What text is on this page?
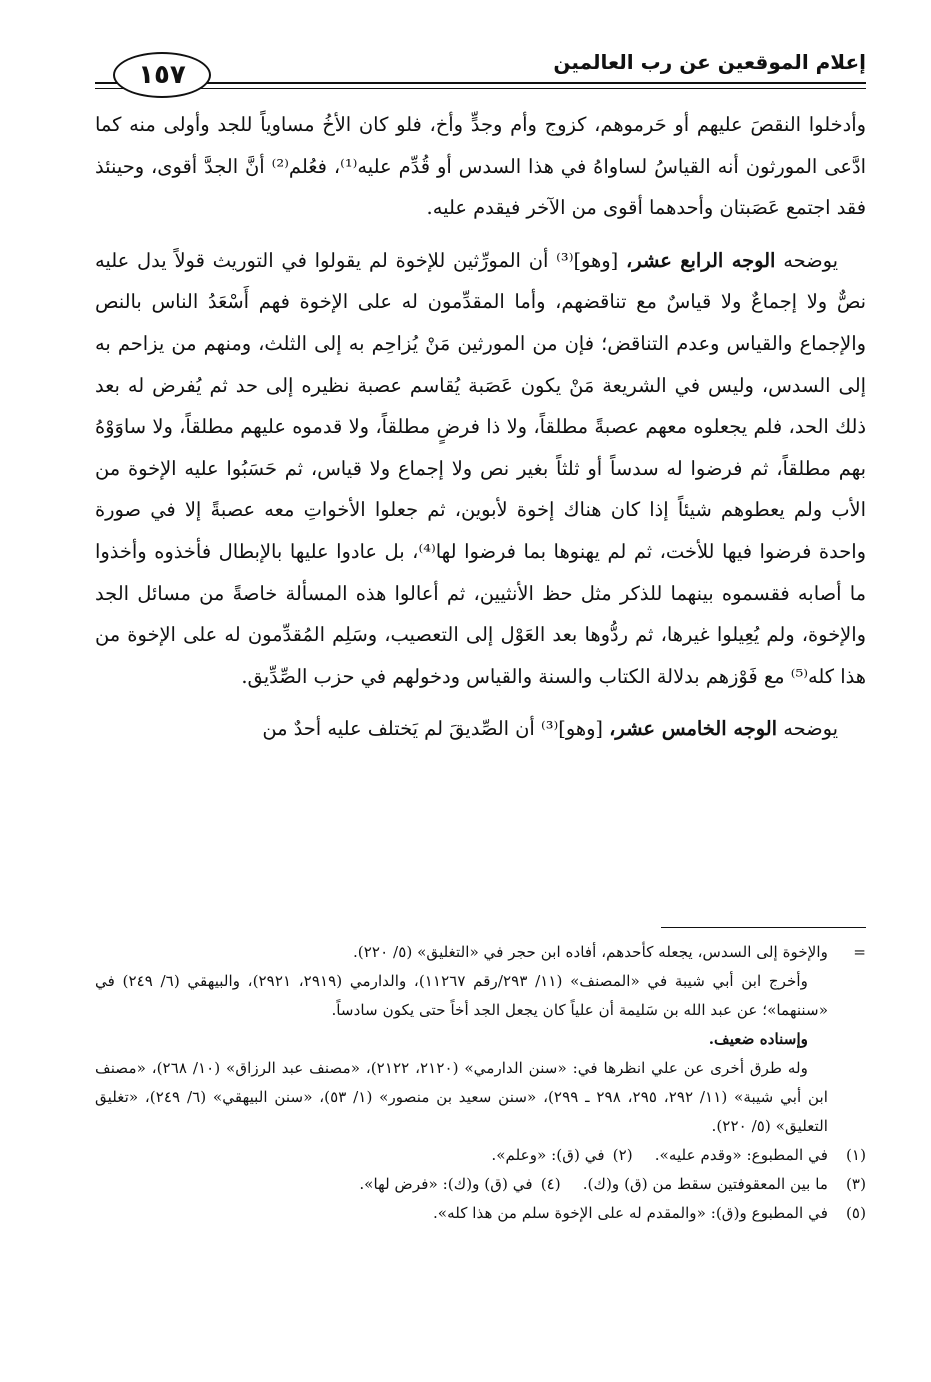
إعلام الموقعين عن رب العالمين
١٥٧

وأدخلوا النقصَ عليهم أو حَرموهم، كزوج وأم وجدٍّ وأخ، فلو كان الأخُ مساوياً للجد وأولى منه كما ادَّعى المورثون أنه القياسُ لساواهُ في هذا السدس أو قُدِّم عليه⁽¹⁾، فعُلم⁽²⁾ أنَّ الجدَّ أقوى، وحينئذ فقد اجتمع عَصَبتان وأحدهما أقوى من الآخر فيقدم عليه.

يوضحه الوجه الرابع عشر، [وهو]⁽³⁾ أن المورِّثين للإخوة لم يقولوا في التوريث قولاً يدل عليه نصٌّ ولا إجماعٌ ولا قياسٌ مع تناقضهم، وأما المقدِّمون له على الإخوة فهم أَسْعَدُ الناس بالنص والإجماع والقياس وعدم التناقض؛ فإن من المورثين مَنْ يُزاحِم به إلى الثلث، ومنهم من يزاحم به إلى السدس، وليس في الشريعة مَنْ يكون عَصَبة يُقاسم عصبة نظيره إلى حد ثم يُفرض له بعد ذلك الحد، فلم يجعلوه معهم عصبةً مطلقاً، ولا ذا فرضٍ مطلقاً، ولا قدموه عليهم مطلقاً، ولا ساوَوْهُ بهم مطلقاً، ثم فرضوا له سدساً أو ثلثاً بغير نص ولا إجماع ولا قياس، ثم حَسَبُوا عليه الإخوة من الأب ولم يعطوهم شيئاً إذا كان هناك إخوة لأبوين، ثم جعلوا الأخواتِ معه عصبةً إلا في صورة واحدة فرضوا فيها للأخت، ثم لم يهنوها بما فرضوا لها⁽⁴⁾، بل عادوا عليها بالإبطال فأخذوه وأخذوا ما أصابه فقسموه بينهما للذكر مثل حظ الأنثيين، ثم أعالوا هذه المسألة خاصةً من مسائل الجد والإخوة، ولم يُعِيلوا غيرها، ثم ردُّوها بعد العَوْل إلى التعصيب، وسَلِم المُقدِّمون له على الإخوة من هذا كله⁽⁵⁾ مع فَوْزهم بدلالة الكتاب والسنة والقياس ودخولهم في حزب الصِّدِّيق.

يوضحه الوجه الخامس عشر، [وهو]⁽³⁾ أن الصِّديقَ لم يَختلف عليه أحدٌ من

=
والإخوة إلى السدس، يجعله كأحدهم، أفاده ابن حجر في «التغليق» (٥/ ٢٢٠).
وأخرج ابن أبي شيبة في «المصنف» (١١/ ٢٩٣/رقم ١١٢٦٧)، والدارمي (٢٩١٩، ٢٩٢١)، والبيهقي (٦/ ٢٤٩) في «سننهما»؛ عن عبد الله بن سَليمة أن علياً كان يجعل الجد أخاً حتى يكون سادساً.
وإسناده ضعيف.
وله طرق أخرى عن علي انظرها في: «سنن الدارمي» (٢١٢٠، ٢١٢٢)، «مصنف عبد الرزاق» (١٠/ ٢٦٨)، «مصنف ابن أبي شيبة» (١١/ ٢٩٢، ٢٩٥، ٢٩٨ ـ ٢٩٩)، «سنن سعيد بن منصور» (١/ ٥٣)، «سنن البيهقي» (٦/ ٢٤٩)، «تغليق التعليق» (٥/ ٢٢٠).
(١)
في المطبوع: «وقدم عليه».
(٢)في (ق): «وعلم».
(٣)
ما بين المعقوفتين سقط من (ق) و(ك).
(٤)في (ق) و(ك): «فرض لها».
(٥)
في المطبوع و(ق): «والمقدم له على الإخوة سلم من هذا كله».
